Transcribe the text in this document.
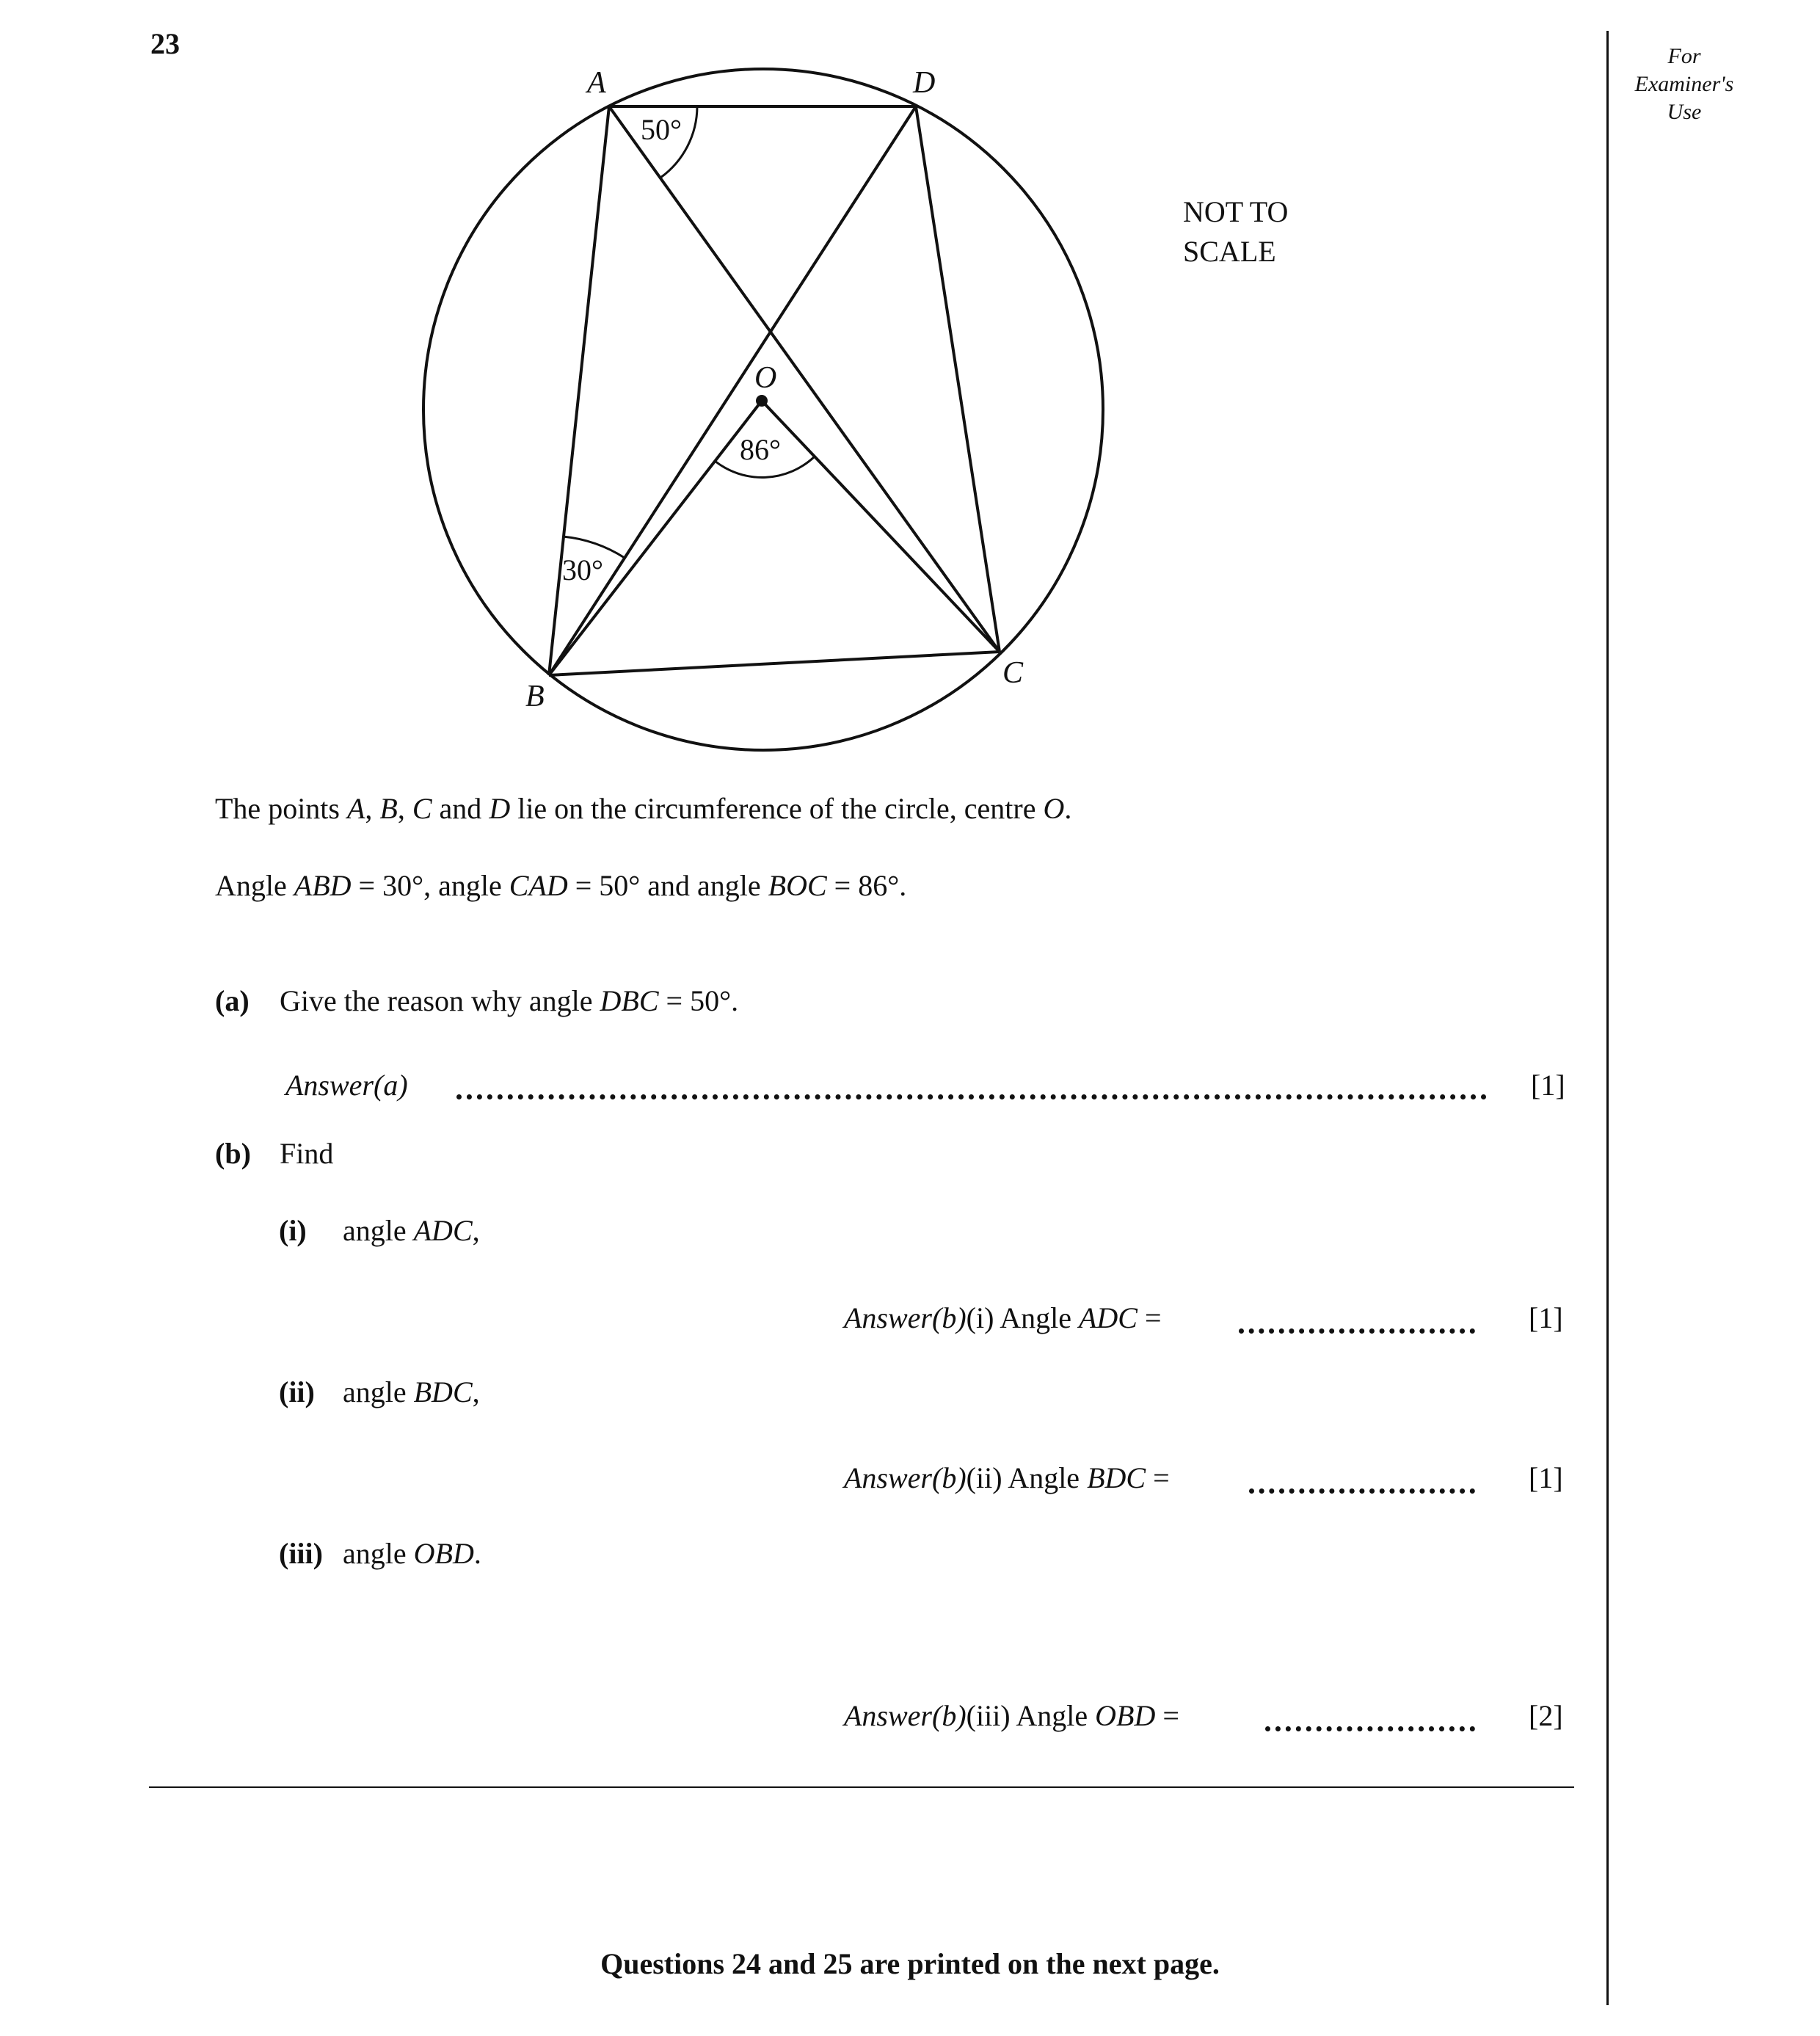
23	For
Examiner's
Use
A	D
O
B
C
50°
86°
30°
NOT TO
SCALE
The points A, B, C and D lie on the circumference of the circle, centre O.
Angle ABD = 30°, angle CAD = 50° and angle BOC = 86°.
(a) Give the reason why angle DBC = 50°.
Answer(a)	[1]
(b) Find
(i) angle ADC,
Answer(b)(i) Angle ADC =	[1]
(ii) angle BDC,
Answer(b)(ii) Angle BDC =	[1]
(iii) angle OBD.
Answer(b)(iii) Angle OBD =	[2]
Questions 24 and 25 are printed on the next page.
